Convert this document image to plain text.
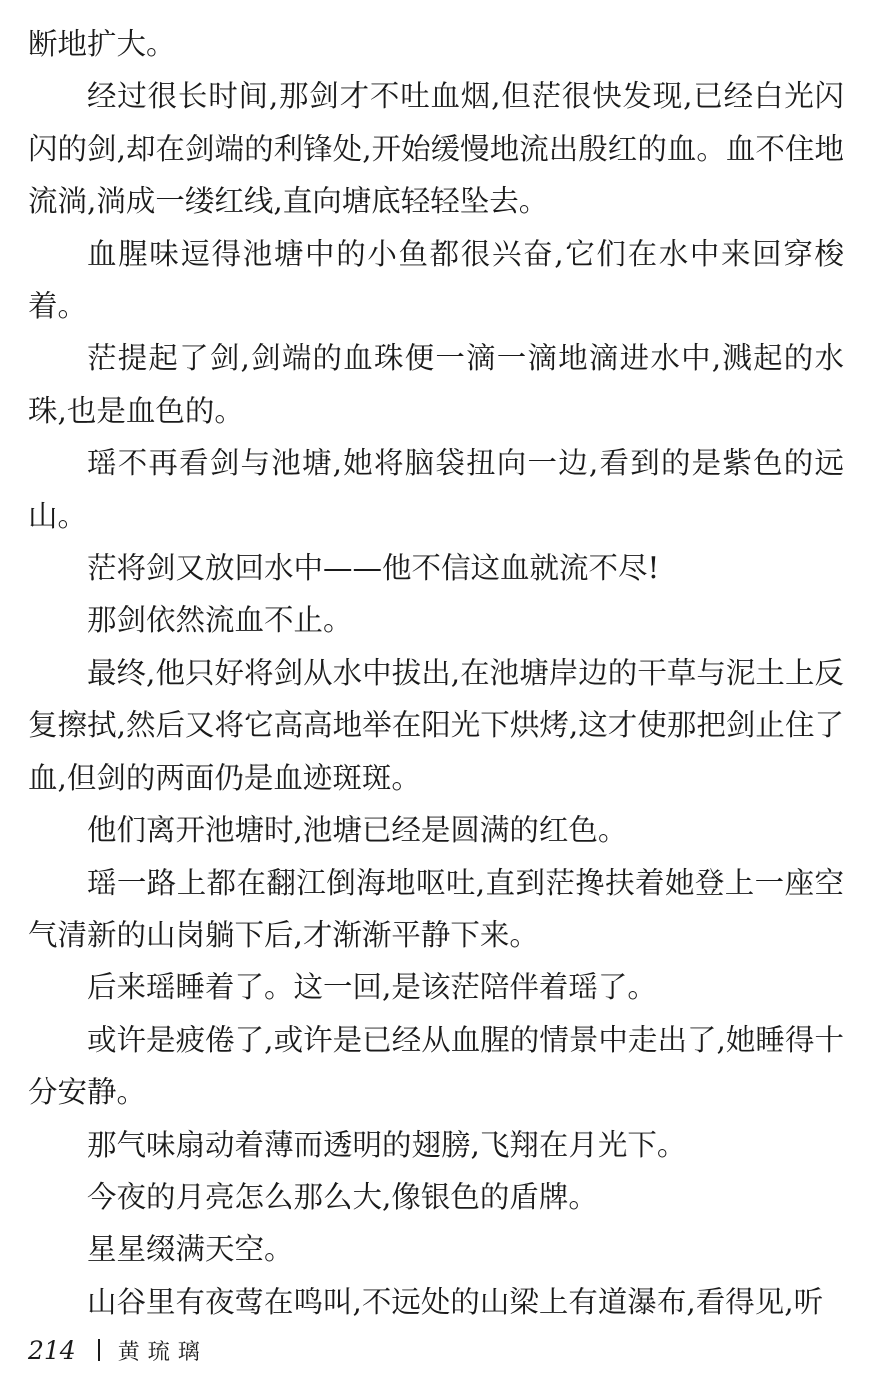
断地扩大。

经过很长时间,那剑才不吐血烟,但茫很快发现,已经白光闪闪的剑,却在剑端的利锋处,开始缓慢地流出殷红的血。血不住地流淌,淌成一缕红线,直向塘底轻轻坠去。

血腥味逗得池塘中的小鱼都很兴奋,它们在水中来回穿梭着。

茫提起了剑,剑端的血珠便一滴一滴地滴进水中,溅起的水珠,也是血色的。

瑶不再看剑与池塘,她将脑袋扭向一边,看到的是紫色的远山。

茫将剑又放回水中——他不信这血就流不尽!

那剑依然流血不止。

最终,他只好将剑从水中拔出,在池塘岸边的干草与泥土上反复擦拭,然后又将它高高地举在阳光下烘烤,这才使那把剑止住了血,但剑的两面仍是血迹斑斑。

他们离开池塘时,池塘已经是圆满的红色。

瑶一路上都在翻江倒海地呕吐,直到茫搀扶着她登上一座空气清新的山岗躺下后,才渐渐平静下来。

后来瑶睡着了。这一回,是该茫陪伴着瑶了。

或许是疲倦了,或许是已经从血腥的情景中走出了,她睡得十分安静。

那气味扇动着薄而透明的翅膀,飞翔在月光下。

今夜的月亮怎么那么大,像银色的盾牌。

星星缀满天空。

山谷里有夜莺在鸣叫,不远处的山梁上有道瀑布,看得见,听

214 黄琉璃
